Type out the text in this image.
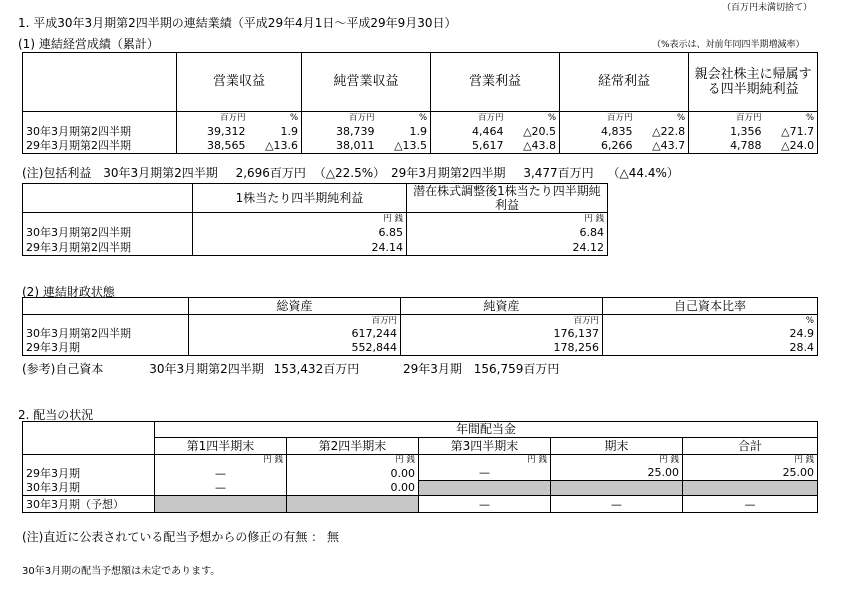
（百万円未満切捨て）
1. 平成30年3月期第2四半期の連結業績（平成29年4月1日～平成29年9月30日）
(1) 連結経営成績（累計）	（%表示は、対前年同四半期増減率）
	営業収益		純営業収益		営業利益		経常利益		親会社株主に帰属する四半期純利益	
	百万円	%	百万円	%	百万円	%	百万円	%	百万円	%
30年3月期第2四半期	39,312	1.9	38,739	1.9	4,464	△20.5	4,835	△22.8	1,356	△71.7
29年3月期第2四半期	38,565	△13.6	38,011	△13.5	5,617	△43.8	6,266	△43.7	4,788	△24.0
(注)包括利益 30年3月期第2四半期 2,696百万円 （△22.5%） 29年3月期第2四半期 3,477百万円 （△44.4%）
	1株当たり四半期純利益	潜在株式調整後1株当たり四半期純利益
	円 銭	円 銭
30年3月期第2四半期	6.85	6.84
29年3月期第2四半期	24.14	24.12
(2) 連結財政状態
	総資産	純資産	自己資本比率
	百万円	百万円	%
30年3月期第2四半期	617,244	176,137	24.9
29年3月期	552,844	178,256	28.4
(参考)自己資本	30年3月期第2四半期 153,432百万円	29年3月期 156,759百万円
2. 配当の状況
	年間配当金				
	第1四半期末	第2四半期末	第3四半期末	期末	合計
	円 銭	円 銭	円 銭	円 銭	円 銭
29年3月期	—	0.00	—	25.00	25.00
30年3月期	—	0.00			
30年3月期（予想）			—	—	—
(注)直近に公表されている配当予想からの修正の有無 ： 無
30年3月期の配当予想額は未定であります。
